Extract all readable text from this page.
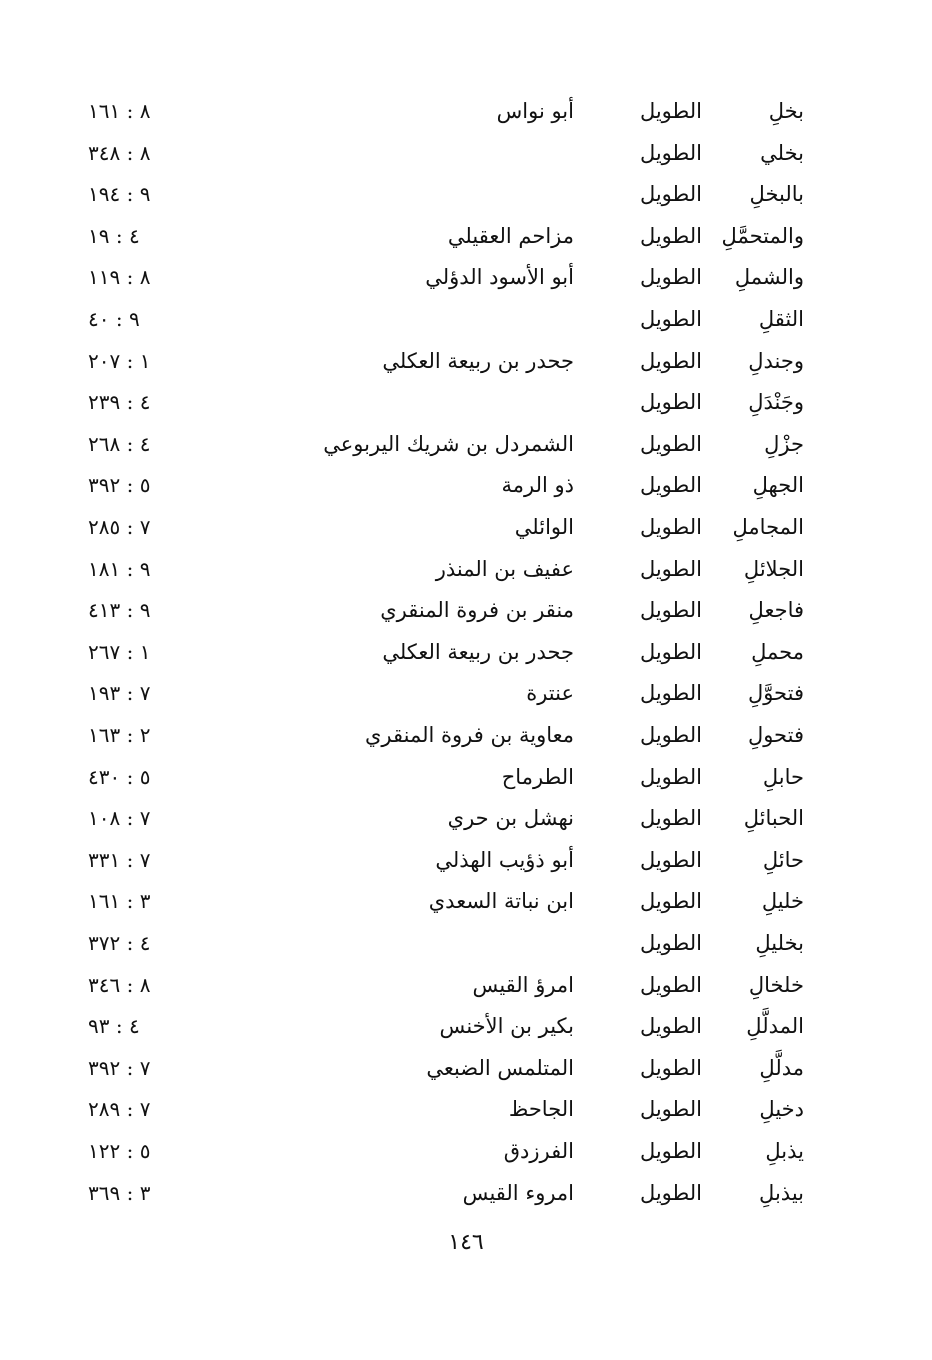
بخلِ
الطويل
أبو نواس
٨ : ١٦١
بخلي
الطويل
٨ : ٣٤٨
بالبخلِ
الطويل
٩ : ١٩٤
والمتحمَّلِ
الطويل
مزاحم العقيلي
٤ : ١٩
والشملِ
الطويل
أبو الأسود الدؤلي
٨ : ١١٩
الثقلِ
الطويل
٩ : ٤٠
وجندلِ
الطويل
جحدر بن ربيعة العكلي
١ : ٢٠٧
وجَنْدَلِ
الطويل
٤ : ٢٣٩
جزْلِ
الطويل
الشمردل بن شريك اليربوعي
٤ : ٢٦٨
الجهلِ
الطويل
ذو الرمة
٥ : ٣٩٢
المجاملِ
الطويل
الوائلي
٧ : ٢٨٥
الجلائلِ
الطويل
عفيف بن المنذر
٩ : ١٨١
فاجعلِ
الطويل
منقر بن فروة المنقري
٩ : ٤١٣
محملِ
الطويل
جحدر بن ربيعة العكلي
١ : ٢٦٧
فتحوَّلِ
الطويل
عنترة
٧ : ١٩٣
فتحولِ
الطويل
معاوية بن فروة المنقري
٢ : ١٦٣
حابلِ
الطويل
الطرماح
٥ : ٤٣٠
الحبائلِ
الطويل
نهشل بن حري
٧ : ١٠٨
حائلِ
الطويل
أبو ذؤيب الهذلي
٧ : ٣٣١
خليلِ
الطويل
ابن نباتة السعدي
٣ : ١٦١
بخليلِ
الطويل
٤ : ٣٧٢
خلخالِ
الطويل
امرؤ القيس
٨ : ٣٤٦
المدلَّلِ
الطويل
بكير بن الأخنس
٤ : ٩٣
مدلَّلِ
الطويل
المتلمس الضبعي
٧ : ٣٩٢
دخيلِ
الطويل
الجاحظ
٧ : ٢٨٩
يذبلِ
الطويل
الفرزدق
٥ : ١٢٢
بيذبلِ
الطويل
امروء القيس
٣ : ٣٦٩
١٤٦
